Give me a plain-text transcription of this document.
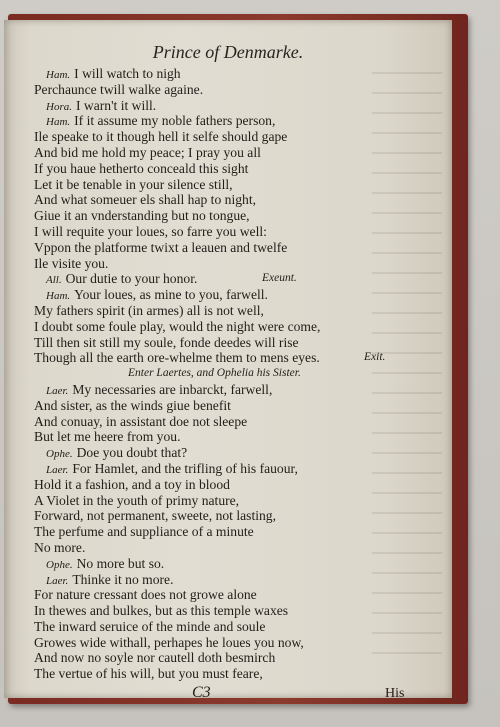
Prince of Denmarke.
Ham. I will watch to nigh
Perchaunce twill walke againe.
Hora. I warn't it will.
Ham. If it assume my noble fathers person,
Ile speake to it though hell it selfe should gape
And bid me hold my peace; I pray you all
If you haue hetherto conceald this sight
Let it be tenable in your silence still,
And what someuer els shall hap to night,
Giue it an vnderstanding but no tongue,
I will requite your loues, so farre you well:
Vppon the platforme twixt a leauen and twelfe
Ile visite you.
All. Our dutie to your honor.	Exeunt.
Ham. Your loues, as mine to you, farwell.
My fathers spirit (in armes) all is not well,
I doubt some foule play, would the night were come,
Till then sit still my soule, fonde deedes will rise
Though all the earth ore-whelme them to mens eyes.	Exit.
Enter Laertes, and Ophelia his Sister.
Laer. My necessaries are inbarckt, farwell,
And sister, as the winds giue benefit
And conuay, in assistant doe not sleepe
But let me heere from you.
Ophe. Doe you doubt that?
Laer. For Hamlet, and the trifling of his fauour,
Hold it a fashion, and a toy in blood
A Violet in the youth of primy nature,
Forward, not permanent, sweete, not lasting,
The perfume and suppliance of a minute
No more.
Ophe. No more but so.
Laer. Thinke it no more.
For nature cressant does not growe alone
In thewes and bulkes, but as this temple waxes
The inward seruice of the minde and soule
Growes wide withall, perhapes he loues you now,
And now no soyle nor cautell doth besmirch
The vertue of his will, but you must feare,
C3	His
